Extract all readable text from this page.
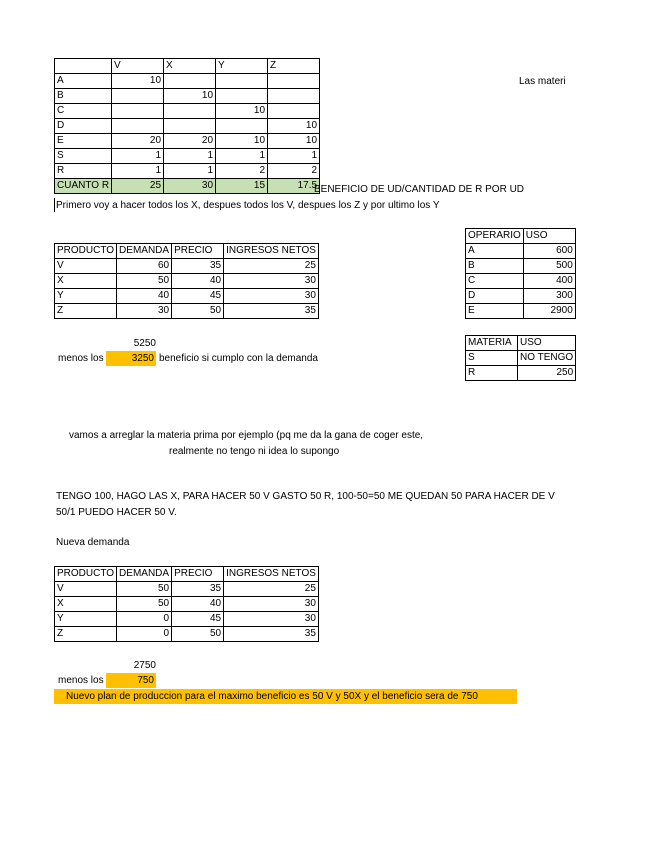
	V	X	Y	Z
A	10			
B		10		
C			10	
D				10
E	20	20	10	10
S	1	1	1	1
R	1	1	2	2
CUANTO R	25	30	15	17.5
BENEFICIO DE UD/CANTIDAD DE R POR UD
Las materi
Primero voy a hacer todos los X, despues todos los V, despues los Z y por ultimo los Y
PRODUCTO	DEMANDA	PRECIO	INGRESOS NETOS
V	60	35	25
X	50	40	30
Y	40	45	30
Z	30	50	35
OPERARIO	USO
A	600
B	500
C	400
D	300
E	2900
MATERIA	USO
S	NO TENGO
R	250
5250
menos los	3250 beneficio si cumplo con la demanda
vamos a arreglar la materia prima por ejemplo (pq me da la gana de coger este,
realmente no tengo ni idea lo supongo
TENGO 100, HAGO LAS X, PARA HACER 50 V GASTO 50 R, 100-50=50 ME QUEDAN 50 PARA HACER DE V
50/1 PUEDO HACER 50 V.
Nueva demanda
PRODUCTO	DEMANDA	PRECIO	INGRESOS NETOS
V	50	35	25
X	50	40	30
Y	0	45	30
Z	0	50	35
2750
menos los	750
Nuevo plan de produccion para el maximo beneficio es 50 V y 50X y el beneficio sera de 750
